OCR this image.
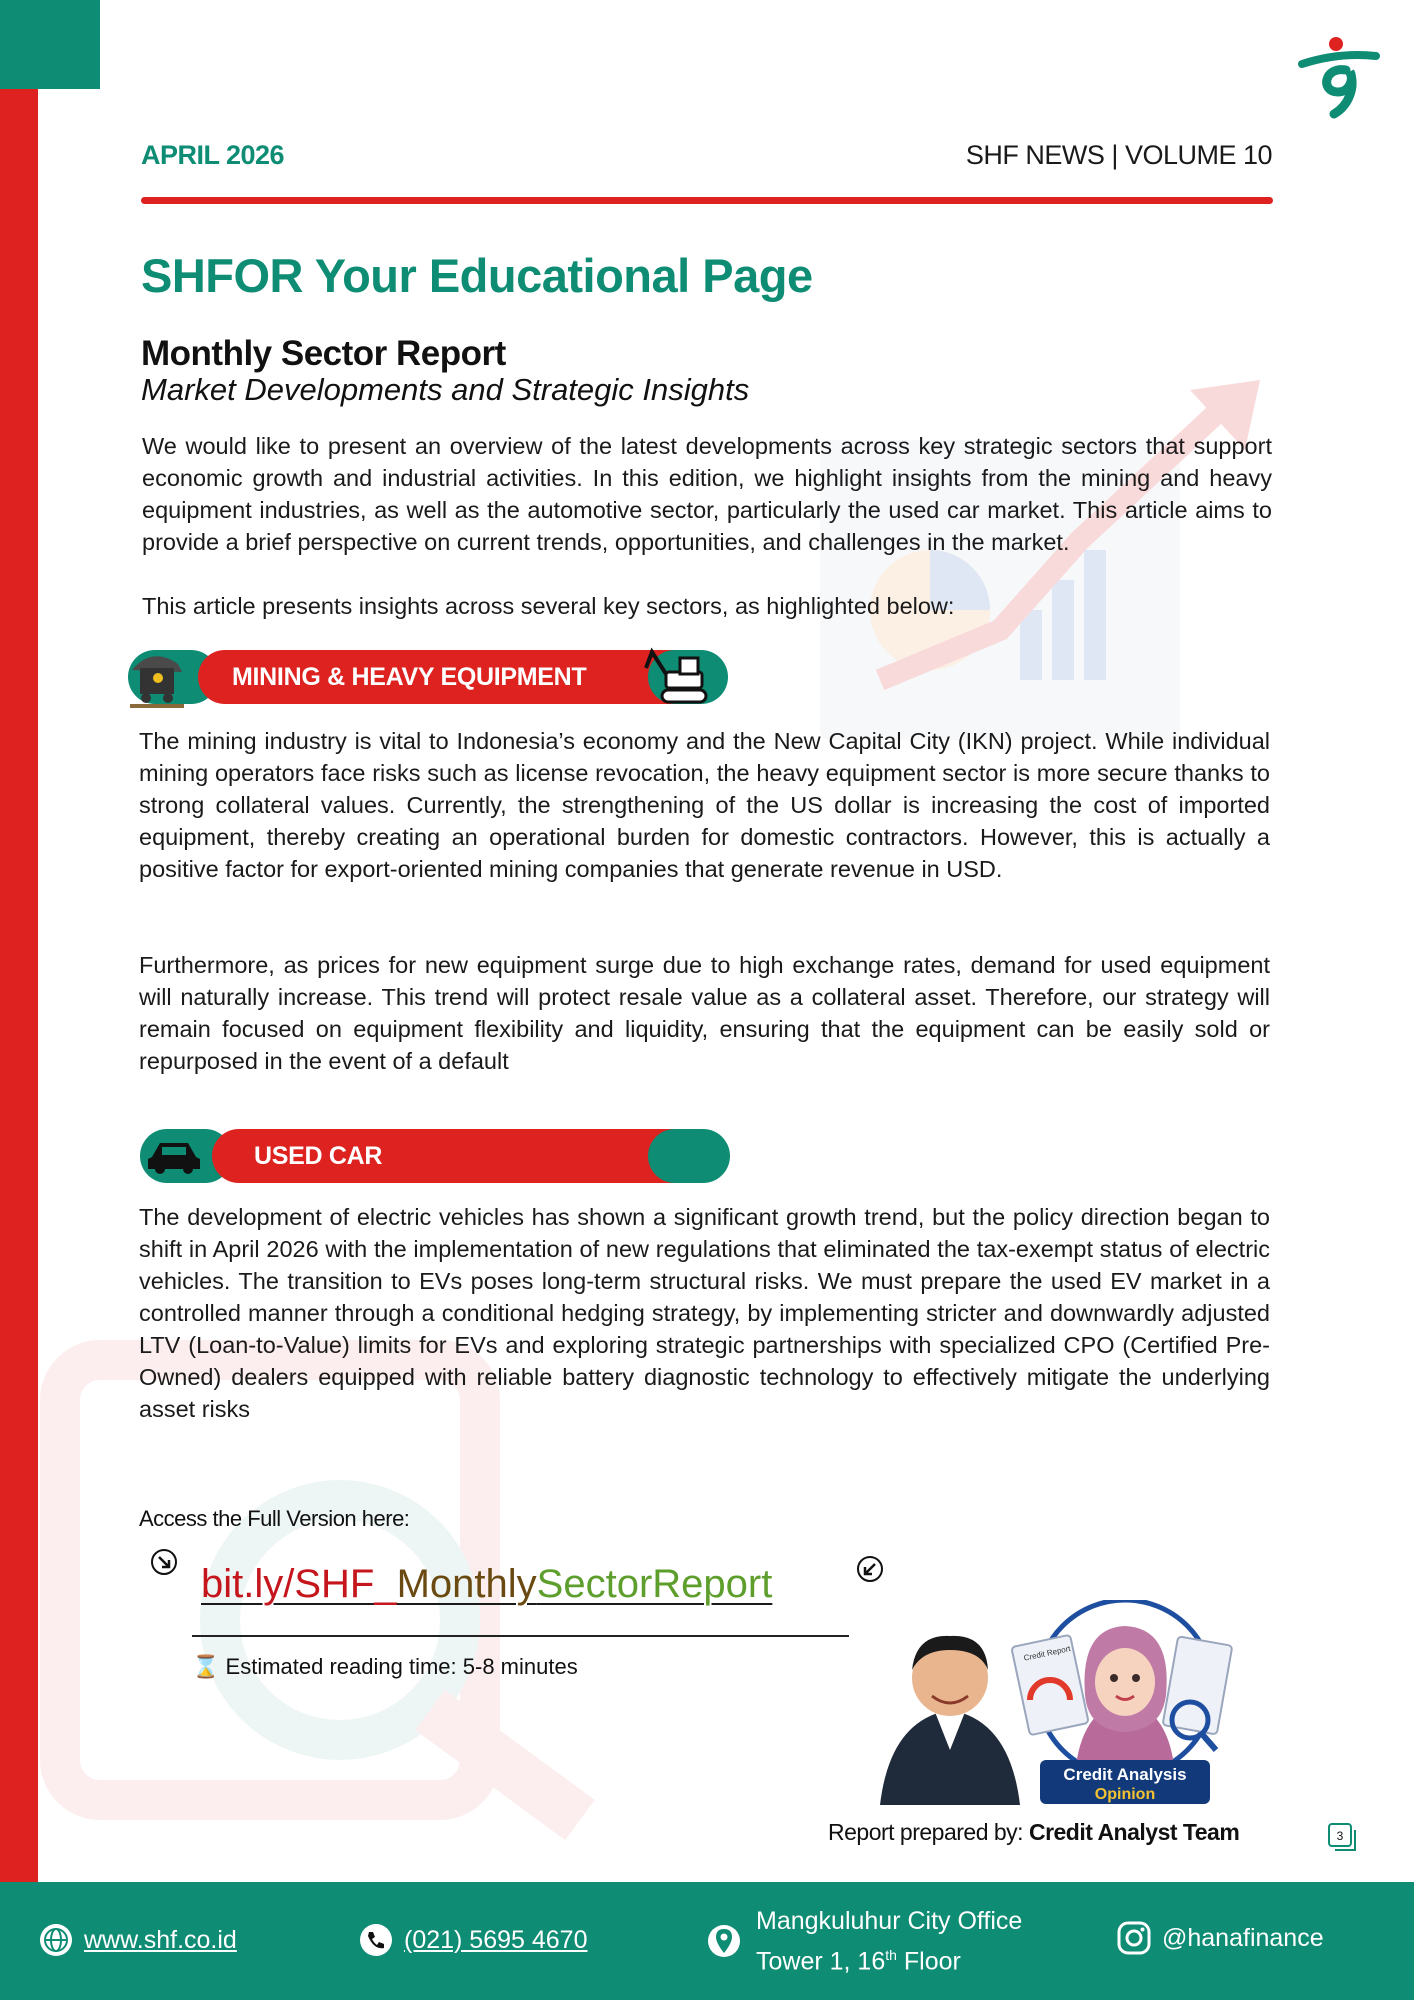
APRIL 2026	SHF NEWS | VOLUME 10
SHFOR Your Educational Page
Monthly Sector Report
Market Developments and Strategic Insights
We would like to present an overview of the latest developments across key strategic sectors that support economic growth and industrial activities. In this edition, we highlight insights from the mining and heavy equipment industries, as well as the automotive sector, particularly the used car market. This article aims to provide a brief perspective on current trends, opportunities, and challenges in the market.
This article presents insights across several key sectors, as highlighted below:
MINING & HEAVY EQUIPMENT
The mining industry is vital to Indonesia’s economy and the New Capital City (IKN) project. While individual mining operators face risks such as license revocation, the heavy equipment sector is more secure thanks to strong collateral values. Currently, the strengthening of the US dollar is increasing the cost of imported equipment, thereby creating an operational burden for domestic contractors. However, this is actually a positive factor for export-oriented mining companies that generate revenue in USD.
Furthermore, as prices for new equipment surge due to high exchange rates, demand for used equipment will naturally increase. This trend will protect resale value as a collateral asset. Therefore, our strategy will remain focused on equipment flexibility and liquidity, ensuring that the equipment can be easily sold or repurposed in the event of a default
USED CAR
The development of electric vehicles has shown a significant growth trend, but the policy direction began to shift in April 2026 with the implementation of new regulations that eliminated the tax-exempt status of electric vehicles. The transition to EVs poses long-term structural risks. We must prepare the used EV market in a controlled manner through a conditional hedging strategy, by implementing stricter and downwardly adjusted LTV (Loan-to-Value) limits for EVs and exploring strategic partnerships with specialized CPO (Certified Pre-Owned) dealers equipped with reliable battery diagnostic technology to effectively mitigate the underlying asset risks
Access the Full Version here:
bit.ly/SHF_MonthlySectorReport
⌛ Estimated reading time: 5-8 minutes
Credit Report
Credit Analysis
Opinion
Report prepared by: Credit Analyst Team	3
www.shf.co.id	(021) 5695 4670
Mangkuluhur City Office
Tower 1, 16th Floor
@hanafinance
